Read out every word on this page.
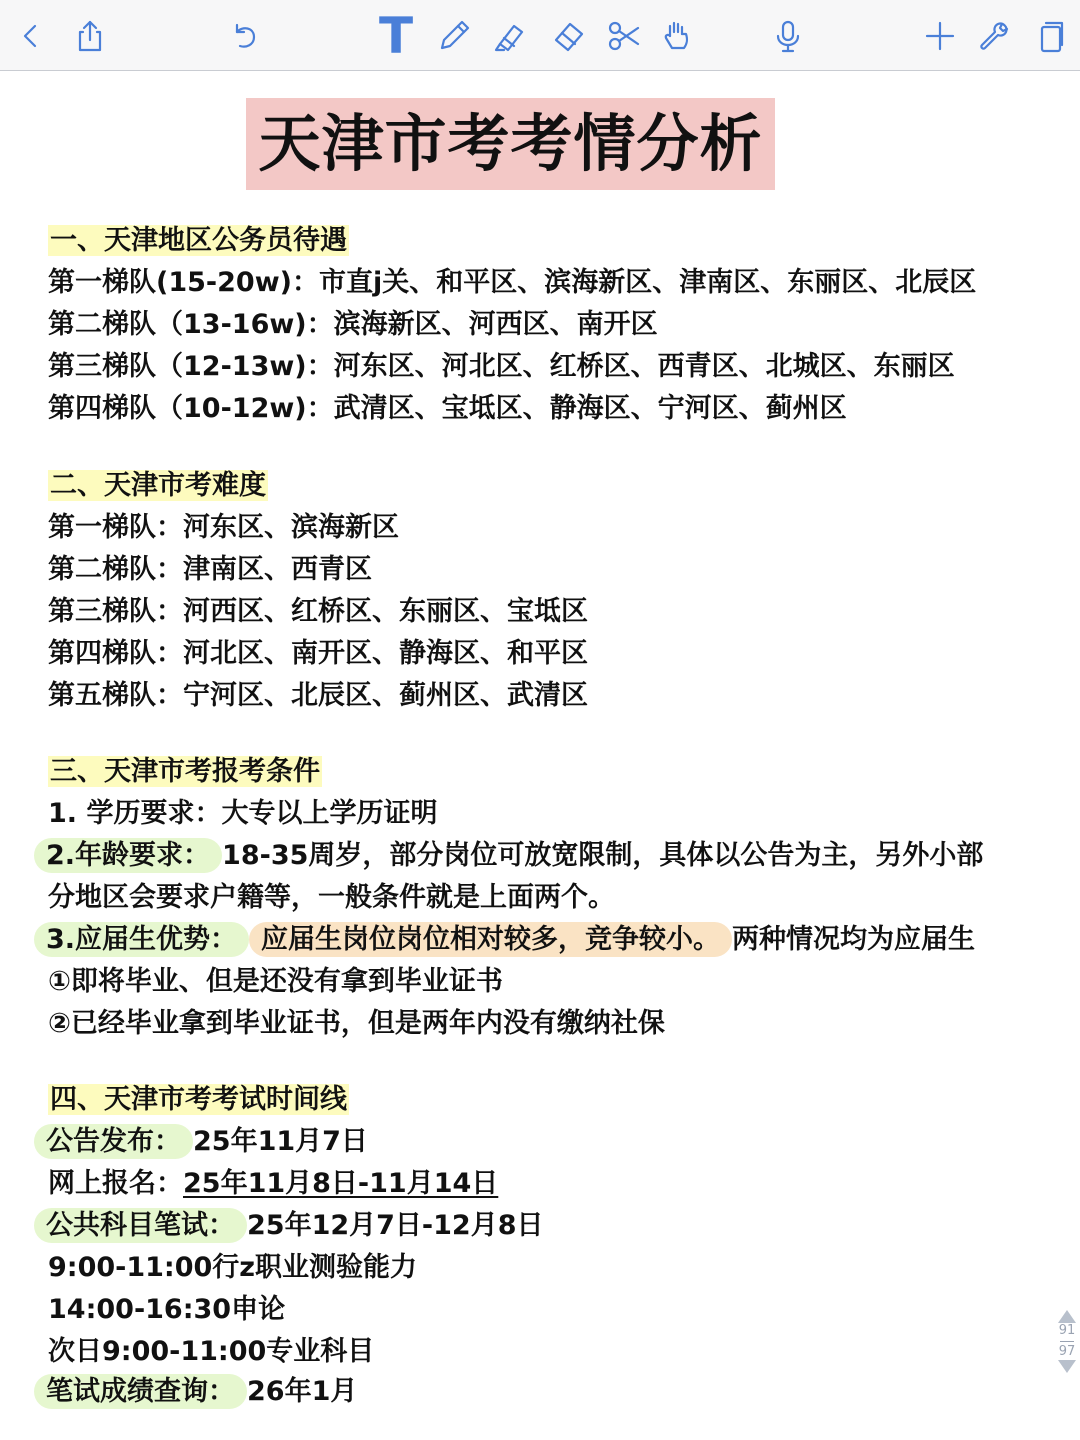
T
天津市考考情分析
一、天津地区公务员待遇
第一梯队(15-20w)：市直j关、和平区、滨海新区、津南区、东丽区、北辰区
第二梯队（13-16w)：滨海新区、河西区、南开区
第三梯队（12-13w)：河东区、河北区、红桥区、西青区、北城区、东丽区
第四梯队（10-12w)：武清区、宝坻区、静海区、宁河区、蓟州区
二、天津市考难度
第一梯队：河东区、滨海新区
第二梯队：津南区、西青区
第三梯队：河西区、红桥区、东丽区、宝坻区
第四梯队：河北区、南开区、静海区、和平区
第五梯队：宁河区、北辰区、蓟州区、武清区
三、天津市考报考条件
1. 学历要求：大专以上学历证明
2.年龄要求： 18-35周岁，部分岗位可放宽限制，具体以公告为主，另外小部
分地区会要求户籍等，一般条件就是上面两个。
3.应届生优势： 应届生岗位岗位相对较多，竞争较小。 两种情况均为应届生
①即将毕业、但是还没有拿到毕业证书
②已经毕业拿到毕业证书，但是两年内没有缴纳社保
四、天津市考考试时间线
公告发布： 25年11月7日
网上报名：25年11月8日-11月14日
公共科目笔试： 25年12月7日-12月8日
9:00-11:00行z职业测验能力
14:00-16:30申论
次日9:00-11:00专业科目
笔试成绩查询： 26年1月
91
97
